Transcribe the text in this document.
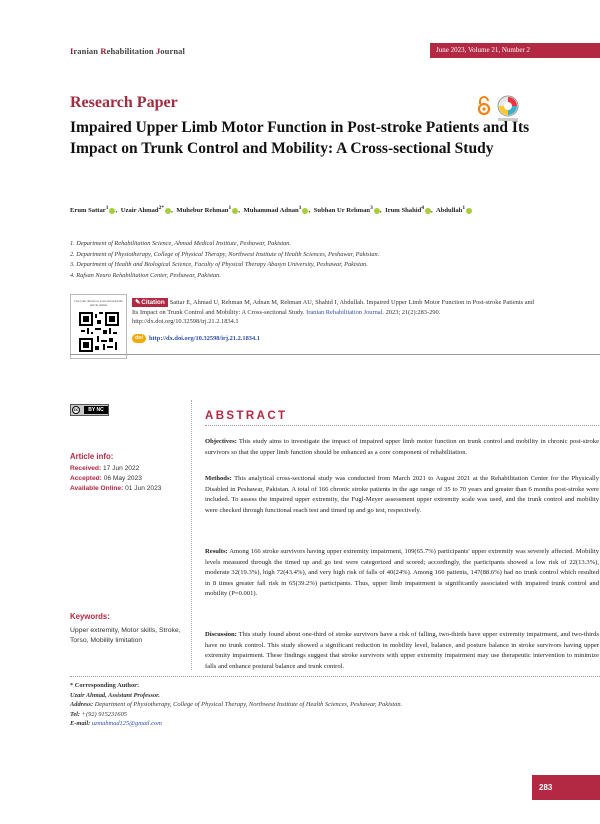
Iranian Rehabilitation Journal	June 2023, Volume 21, Number 2
Research Paper
Impaired Upper Limb Motor Function in Post-stroke Patients and Its Impact on Trunk Control and Mobility: A Cross-sectional Study
Erum Sattar$^1$ , Uzair Ahmad$^{2*}$ , Muhebur Rehman$^1$ , Muhammad Adnan$^1$ , Subhan Ur Rehman$^3$ , Irum Shahid$^4$ , Abdullah$^1$
1. Department of Rehabilitation Science, Ahmad Medical Institute, Peshawar, Pakistan.
2. Department of Physiotherapy, College of Physical Therapy, Northwest Institute of Health Sciences, Peshawar, Pakistan.
3. Department of Health and Biological Science, Faculty of Physical Therapy Abasyn University, Peshawar, Pakistan.
4. Rafsan Neuro Rehabilitation Center, Peshawar, Pakistan.
Use your device to scan and read the article online	✎Citation Sattar E, Ahmad U, Rehman M, Adnan M, Rehman AU, Shahid I, Abdullah. Impaired Upper Limb Motor Function in Post-stroke Patients and Its Impact on Trunk Control and Mobility: A Cross-sectional Study. Iranian Rehabilitation Journal. 2023; 21(2):283-290. http://dx.doi.org/10.32598/irj.21.2.1834.1
doi http://dx.doi.org/10.32598/irj.21.2.1834.1
cc	BY NC
Article info:
Received: 17 Jun 2022
Accepted: 06 May 2023
Available Online: 01 Jun 2023
Keywords:

Upper extremity, Motor skills, Stroke, Torso, Mobility limitation

ABSTRACT

Objectives: This study aims to investigate the impact of impaired upper limb motor function on trunk control and mobility in chronic post-stroke survivors so that the upper limb function should be enhanced as a core component of rehabilitation.

Methods: This analytical cross-sectional study was conducted from March 2021 to August 2021 at the Rehabilitation Center for the Physically Disabled in Peshawar, Pakistan. A total of 166 chronic stroke patients in the age range of 35 to 70 years and greater than 6 months post-stroke were included. To assess the impaired upper extremity, the Fugl-Meyer assessment upper extremity scale was used, and the trunk control and mobility were checked through functional reach test and timed up and go test, respectively.

Results: Among 166 stroke survivors having upper extremity impairment, 109(65.7%) participants' upper extremity was severely affected. Mobility levels measured through the timed up and go test were categorized and scored; accordingly, the participants showed a low risk of 22(13.3%), moderate 32(19.3%), high 72(43.4%), and very high risk of falls of 40(24%). Among 166 patients, 147(88.6%) had no trunk control which resulted in 8 times greater fall risk in 65(39.2%) participants. Thus, upper limb impairment is significantly associated with impaired trunk control and mobility (P=0.001).

Discussion: This study found about one-third of stroke survivors have a risk of falling, two-thirds have upper extremity impairment, and two-thirds have no trunk control. This study showed a significant reduction in mobility level, balance, and posture balance in stroke survivors having upper extremity impairment. These findings suggest that stroke survivors with upper extremity impairment may use therapeutic intervention to minimize falls and enhance postural balance and trunk control.

* Corresponding Author:
Uzair Ahmad, Assistant Professor.
Address: Department of Physiotherapy, College of Physical Therapy, Northwest Institute of Health Sciences, Peshawar, Pakistan.
Tel: +(92) 915231605
E-mail: uzmahmad125@gmail.com
283
